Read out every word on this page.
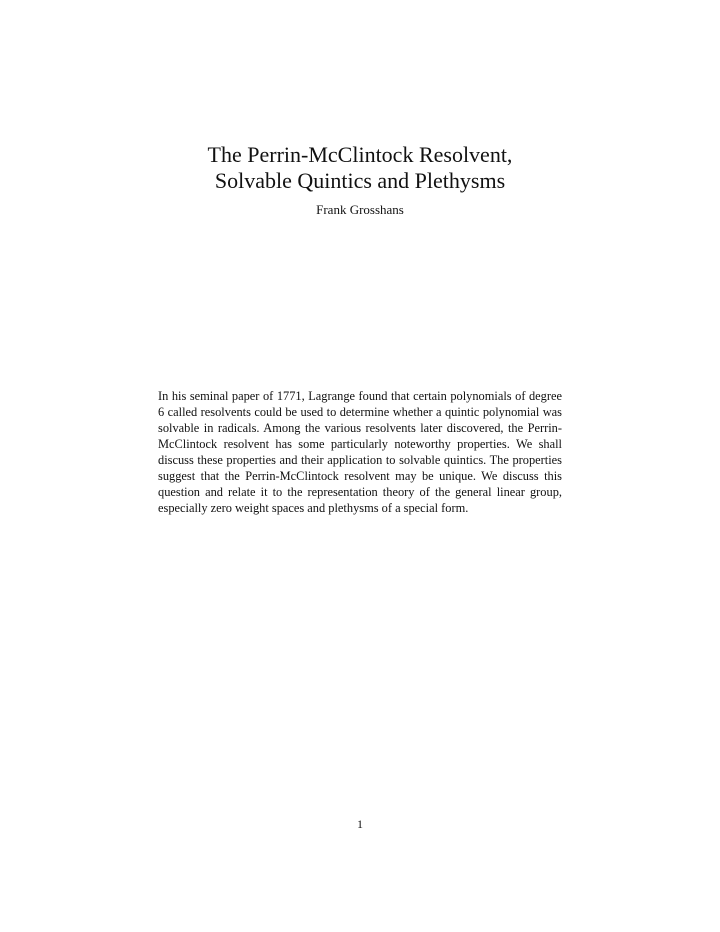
The Perrin-McClintock Resolvent,
Solvable Quintics and Plethysms
Frank Grosshans

In his seminal paper of 1771, Lagrange found that certain polynomials of degree 6 called resolvents could be used to determine whether a quintic polynomial was solvable in radicals. Among the various resolvents later discovered, the Perrin-McClintock resolvent has some particularly noteworthy properties. We shall discuss these properties and their application to solvable quintics. The properties suggest that the Perrin-McClintock resolvent may be unique. We discuss this question and relate it to the representation theory of the general linear group, especially zero weight spaces and plethysms of a special form.

1
